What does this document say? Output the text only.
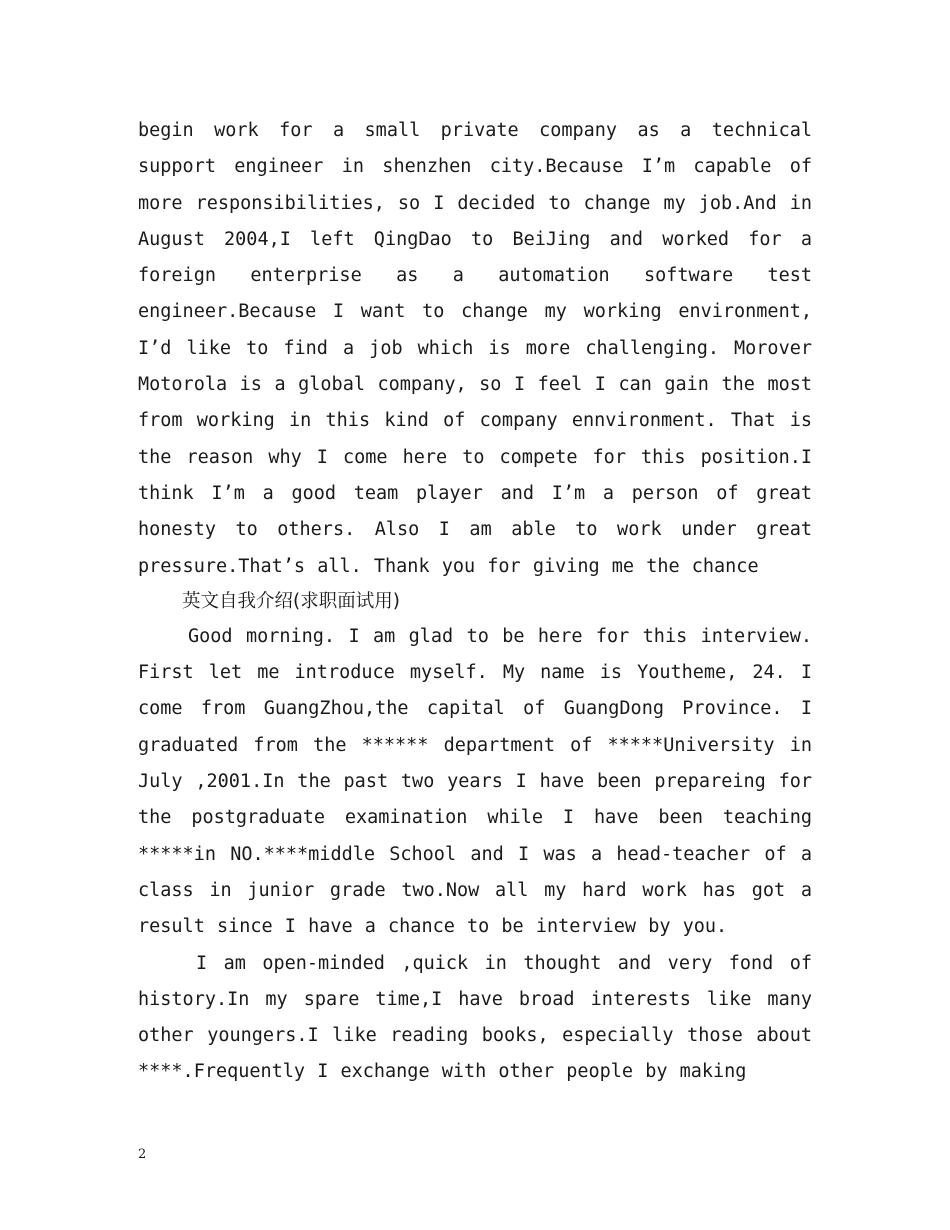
begin work for a small private company as a technical support engineer in shenzhen city.Because I’m capable of more responsibilities, so I decided to change my job.And in August 2004,I left QingDao to BeiJing and worked for a foreign enterprise as a automation software test engineer.Because I want to change my working environment, I’d like to find a job which is more challenging. Morover Motorola is a global company, so I feel I can gain the most from working in this kind of company ennvironment. That is the reason why I come here to compete for this position.I think I’m a good team player and I’m a person of great honesty to others. Also I am able to work under great pressure.That’s all. Thank you for giving me the chance

英文自我介绍(求职面试用)

Good morning. I am glad to be here for this interview. First let me introduce myself. My name is Youtheme, 24. I come from GuangZhou,the capital of GuangDong Province. I graduated from the ****** department of *****University in July ,2001.In the past two years I have been prepareing for the postgraduate examination while I have been teaching *****in NO.****middle School and I was a head-teacher of a class in junior grade two.Now all my hard work has got a result since I have a chance to be interview by you.

I am open-minded ,quick in thought and very fond of history.In my spare time,I have broad interests like many other youngers.I like reading books, especially those about ****.Frequently I exchange with other people by making

2
